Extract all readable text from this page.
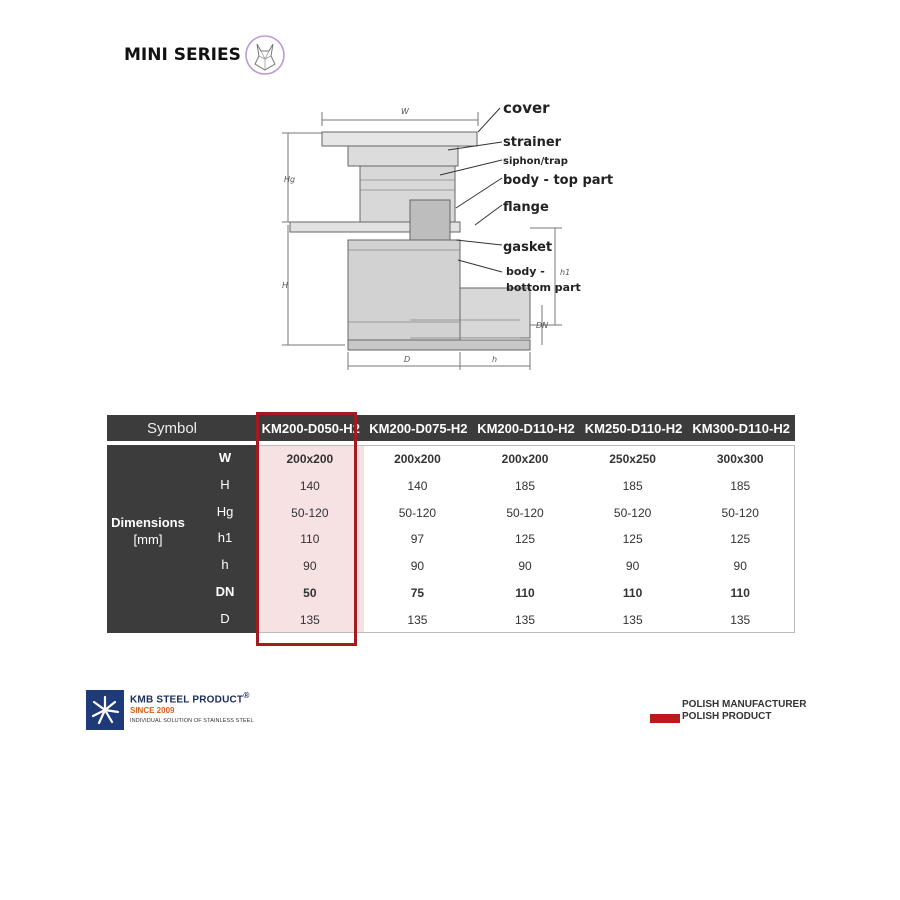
MINI SERIES
cover
strainer
siphon/trap
body - top part
flange
gasket
body -
bottom part
W
Hg
H
h1
DN
D	h
Symbol	KM200-D050-H2 KM200-D075-H2 KM200-D110-H2 KM250-D110-H2 KM300-D110-H2
Dimensions
[mm]
W
H
Hg
h1
h
DN
D
200x200
140
50-120
110
90
50
135
200x200
140
50-120
97
90
75
135
200x200
185
50-120
125
90
110
135
250x250
185
50-120
125
90
110
135
300x300
185
50-120
125
90
110
135
KMB STEEL PRODUCT®
SINCE 2009
INDIVIDUAL SOLUTION OF STAINLESS STEEL
POLISH MANUFACTURER
POLISH PRODUCT
